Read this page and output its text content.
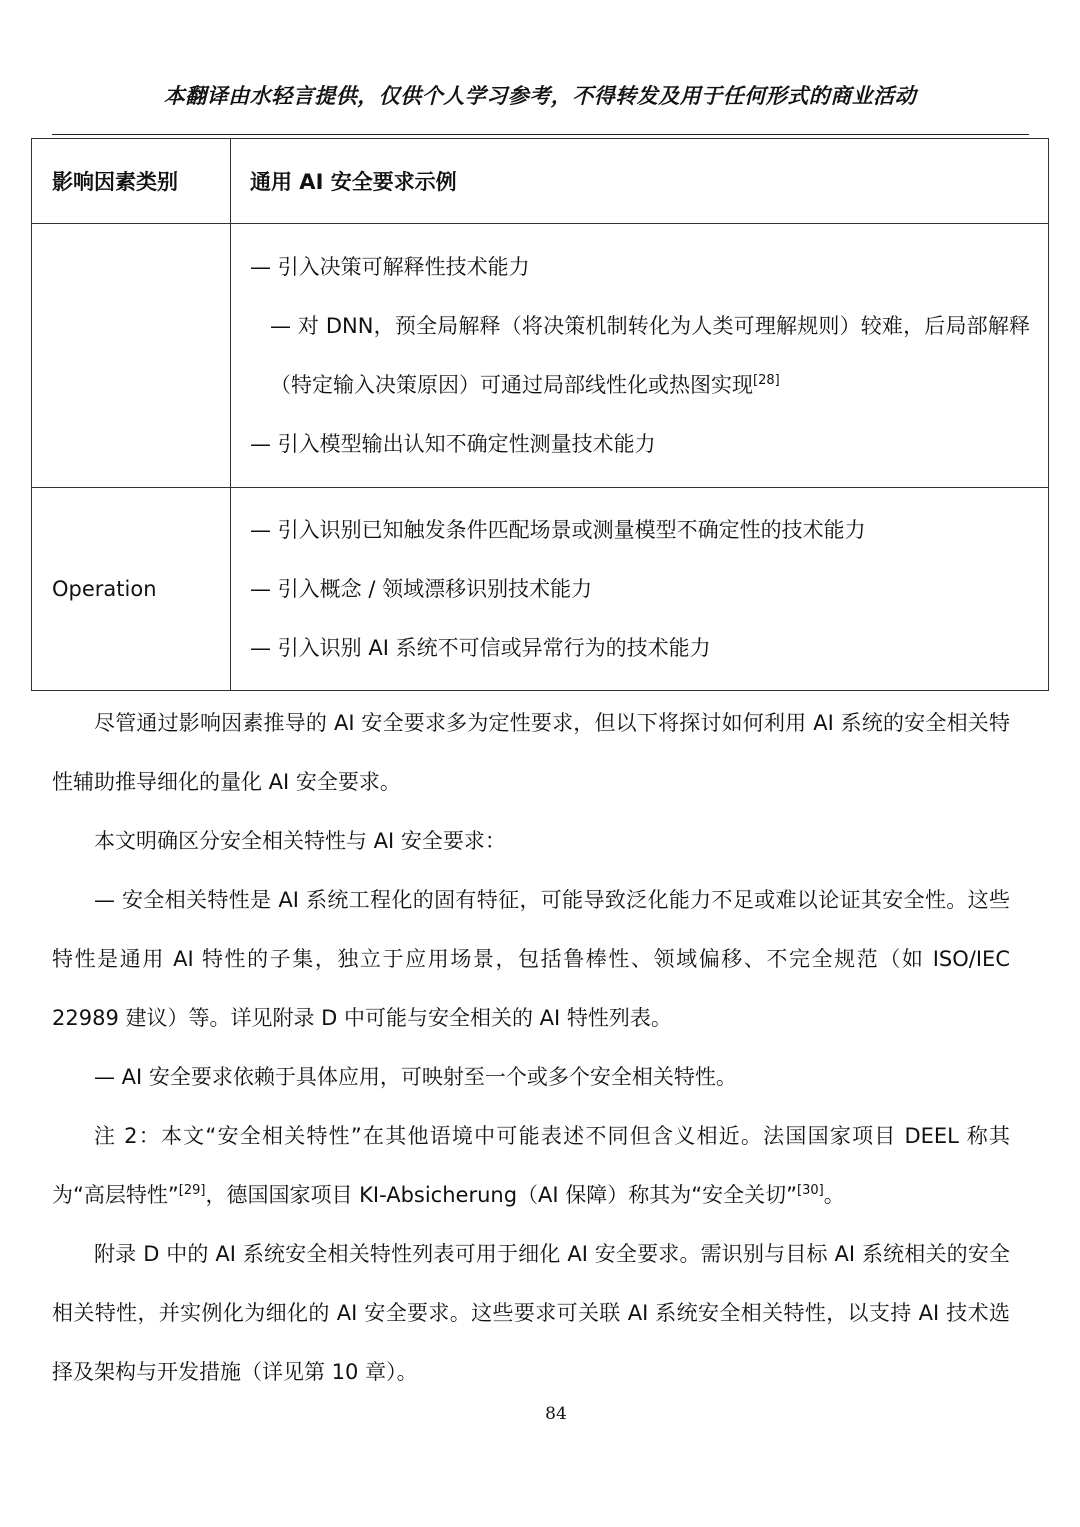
本翻译由水轻言提供，仅供个人学习参考，不得转发及用于任何形式的商业活动
影响因素类别	通用 AI 安全要求示例

	— 引入决策可解释性技术能力
— 对 DNN，预全局解释（将决策机制转化为人类可理解规则）较难，后局部解释（特定输入决策原因）可通过局部线性化或热图实现[28]
— 引入模型输出认知不确定性测量技术能力

Operation	— 引入识别已知触发条件匹配场景或测量模型不确定性的技术能力
— 引入概念 / 领域漂移识别技术能力
— 引入识别 AI 系统不可信或异常行为的技术能力

尽管通过影响因素推导的 AI 安全要求多为定性要求，但以下将探讨如何利用 AI 系统的安全相关特性辅助推导细化的量化 AI 安全要求。

本文明确区分安全相关特性与 AI 安全要求：

— 安全相关特性是 AI 系统工程化的固有特征，可能导致泛化能力不足或难以论证其安全性。这些特性是通用 AI 特性的子集，独立于应用场景，包括鲁棒性、领域偏移、不完全规范（如 ISO/IEC 22989 建议）等。详见附录 D 中可能与安全相关的 AI 特性列表。

— AI 安全要求依赖于具体应用，可映射至一个或多个安全相关特性。

注 2：本文“安全相关特性”在其他语境中可能表述不同但含义相近。法国国家项目 DEEL 称其为“高层特性”[29]，德国国家项目 KI-Absicherung（AI 保障）称其为“安全关切”[30]。

附录 D 中的 AI 系统安全相关特性列表可用于细化 AI 安全要求。需识别与目标 AI 系统相关的安全相关特性，并实例化为细化的 AI 安全要求。这些要求可关联 AI 系统安全相关特性，以支持 AI 技术选择及架构与开发措施（详见第 10 章）。

84
